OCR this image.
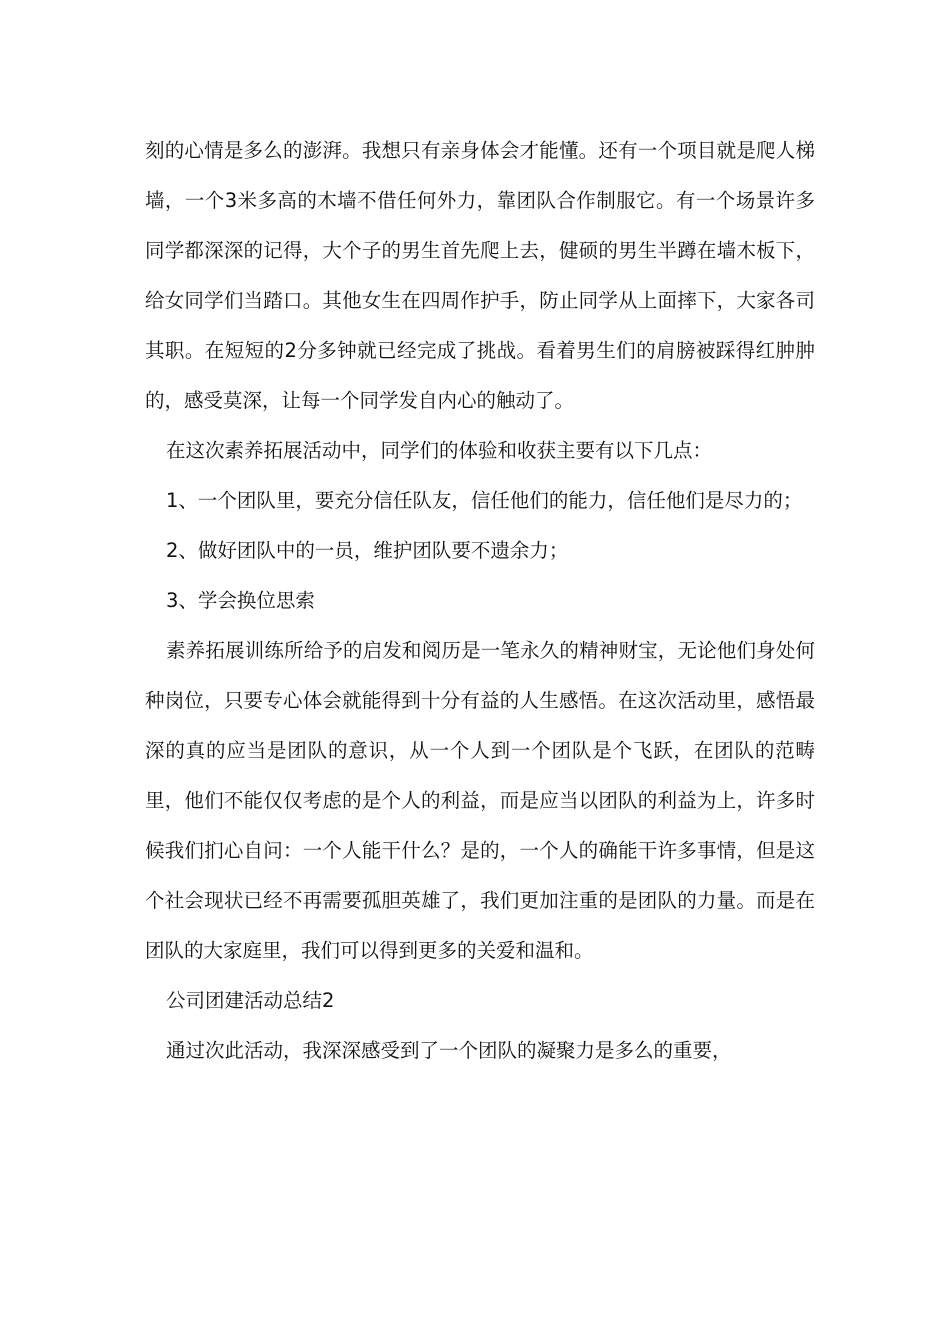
刻的心情是多么的澎湃。我想只有亲身体会才能懂。还有一个项目就是爬人梯墙，一个3米多高的木墙不借任何外力，靠团队合作制服它。有一个场景许多同学都深深的记得，大个子的男生首先爬上去，健硕的男生半蹲在墙木板下，给女同学们当踏口。其他女生在四周作护手，防止同学从上面摔下，大家各司其职。在短短的2分多钟就已经完成了挑战。看着男生们的肩膀被踩得红肿肿的，感受莫深，让每一个同学发自内心的触动了。

在这次素养拓展活动中，同学们的体验和收获主要有以下几点：

1、一个团队里，要充分信任队友，信任他们的能力，信任他们是尽力的；

2、做好团队中的一员，维护团队要不遗余力；

3、学会换位思索

素养拓展训练所给予的启发和阅历是一笔永久的精神财宝，无论他们身处何种岗位，只要专心体会就能得到十分有益的人生感悟。在这次活动里，感悟最深的真的应当是团队的意识，从一个人到一个团队是个飞跃，在团队的范畴里，他们不能仅仅考虑的是个人的利益，而是应当以团队的利益为上，许多时候我们扪心自问：一个人能干什么？是的，一个人的确能干许多事情，但是这个社会现状已经不再需要孤胆英雄了，我们更加注重的是团队的力量。而是在团队的大家庭里，我们可以得到更多的关爱和温和。

公司团建活动总结2

通过次此活动，我深深感受到了一个团队的凝聚力是多么的重要，
